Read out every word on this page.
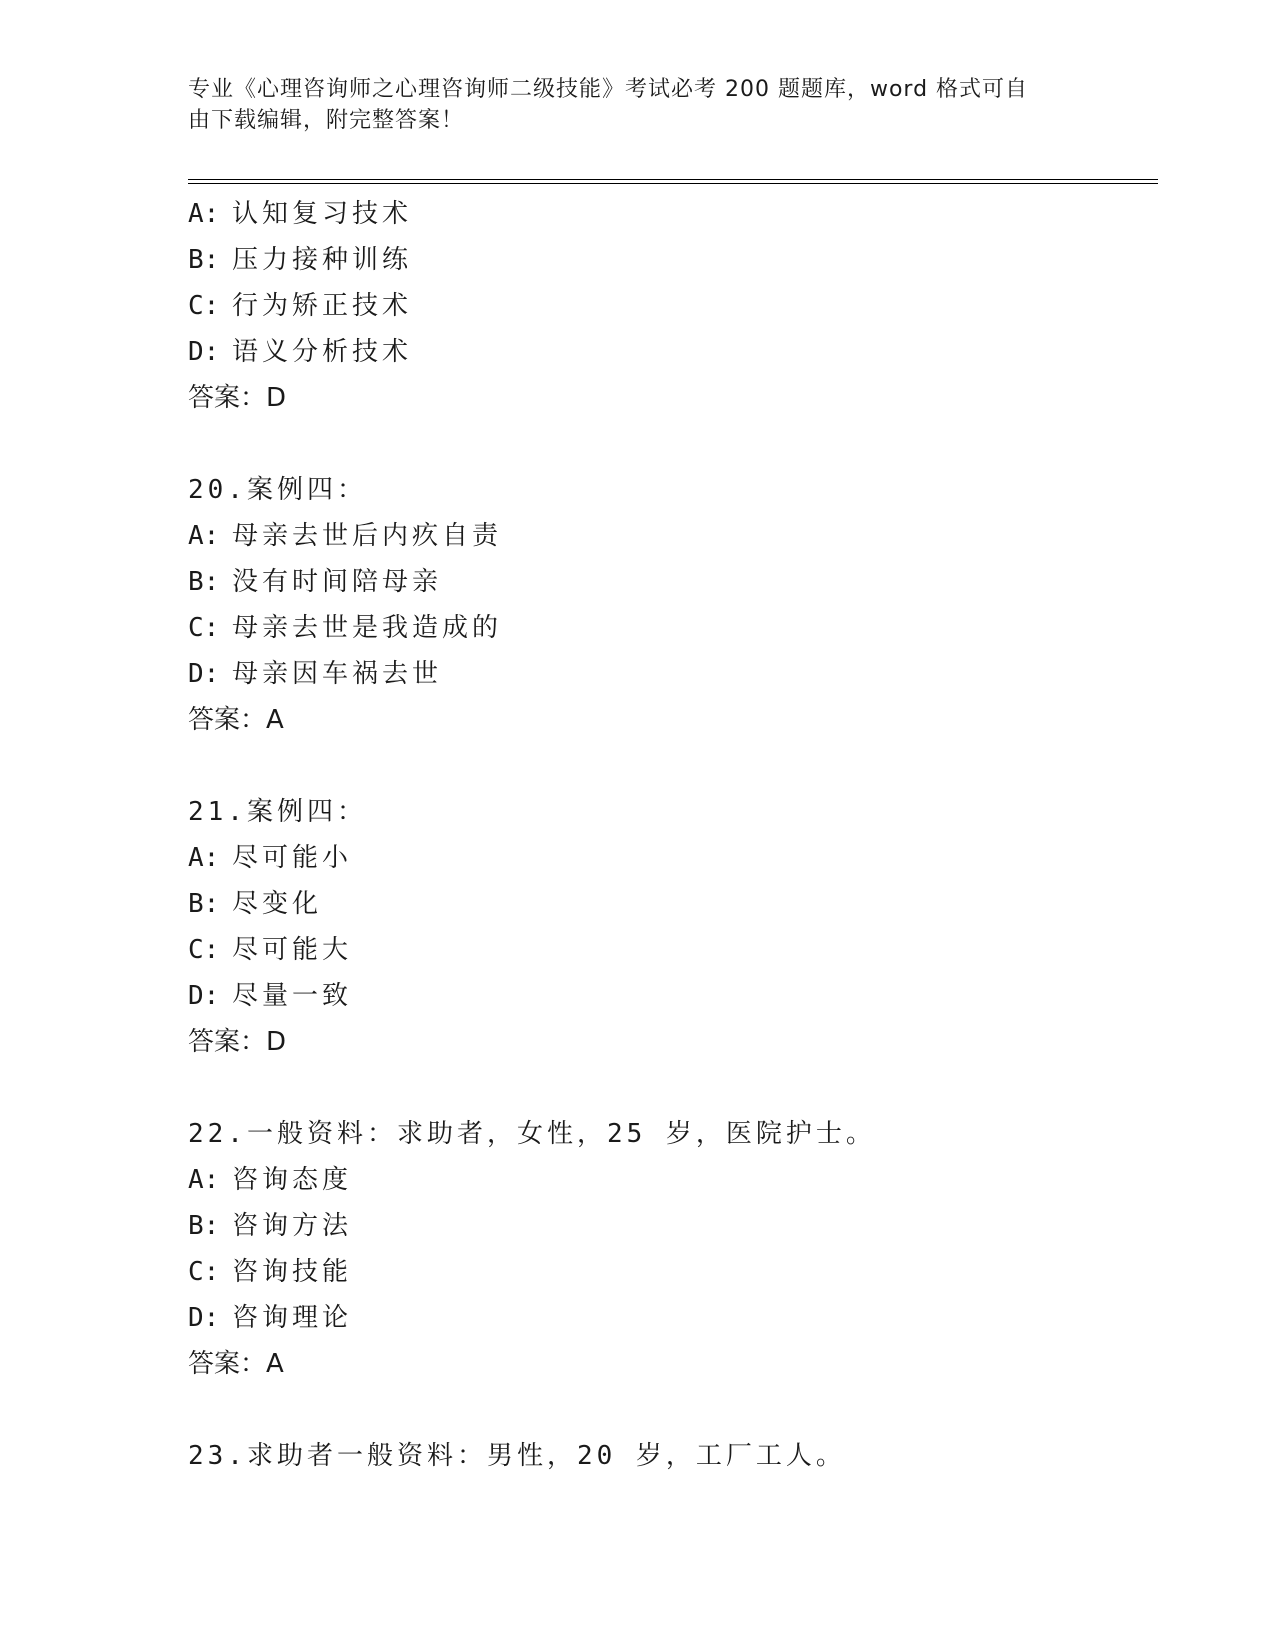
专业《心理咨询师之心理咨询师二级技能》考试必考 200 题题库，word 格式可自
由下载编辑，附完整答案！
A: 认知复习技术
B: 压力接种训练
C: 行为矫正技术
D: 语义分析技术
答案：D
20.案例四：
A: 母亲去世后内疚自责
B: 没有时间陪母亲
C: 母亲去世是我造成的
D: 母亲因车祸去世
答案：A
21.案例四：
A: 尽可能小
B: 尽变化
C: 尽可能大
D: 尽量一致
答案：D
22.一般资料：求助者，女性，25 岁，医院护士。
A: 咨询态度
B: 咨询方法
C: 咨询技能
D: 咨询理论
答案：A
23.求助者一般资料：男性，20 岁，工厂工人。
